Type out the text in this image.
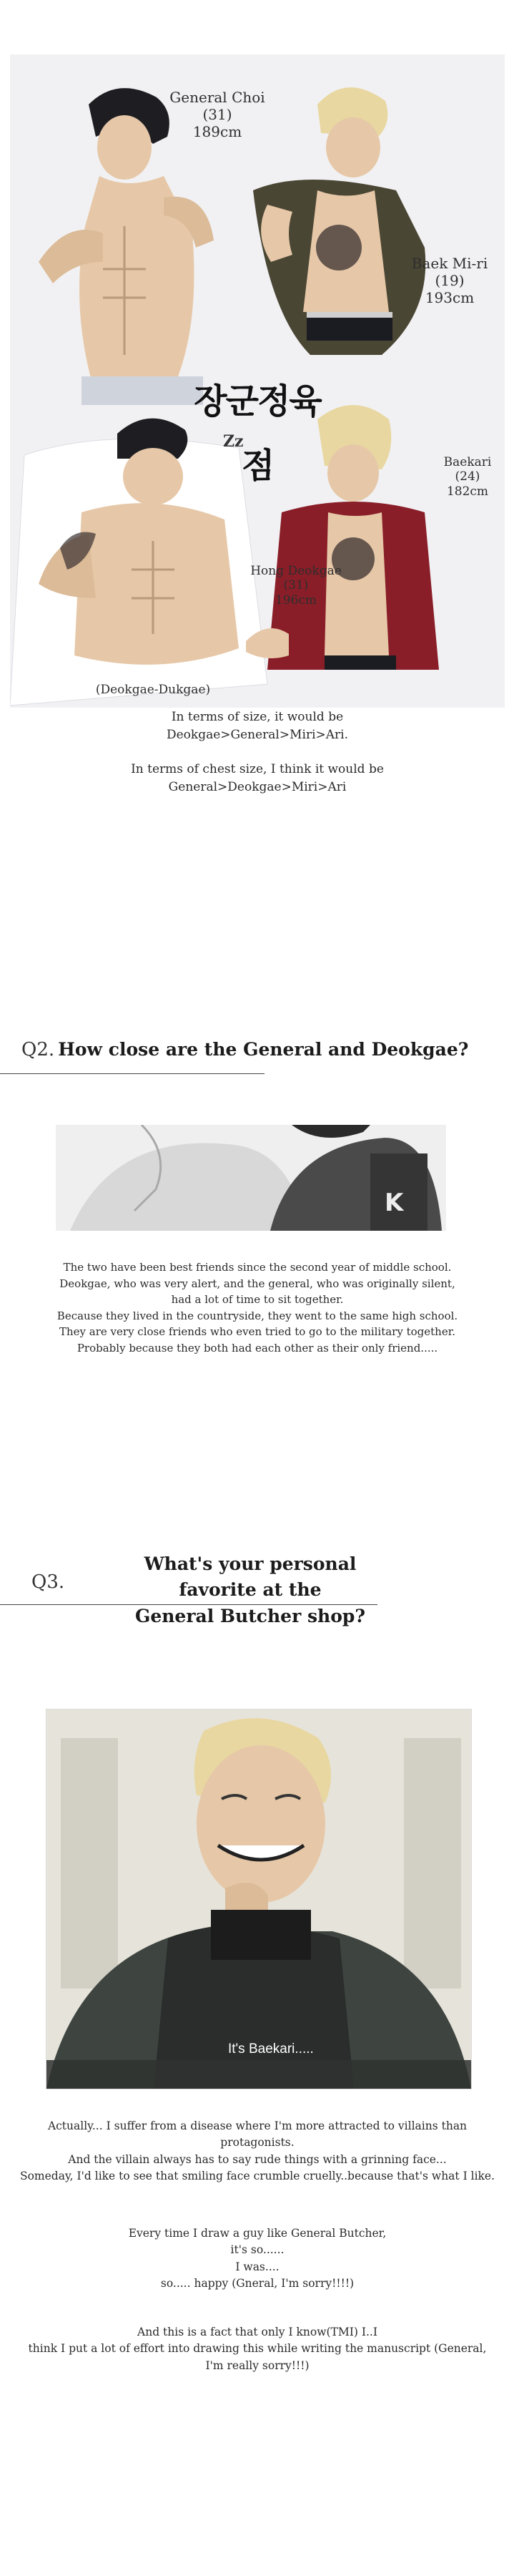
General Choi
(31)
189cm
Baek Mi-ri (19)
193cm
장군정육점	Baekari (24)
182cm
Hong Deokgae (31)
196cm
(Deokgae-Dukgae)
Zz

In terms of size, it would be

Deokgae>General>Miri>Ari.

In terms of chest size, I think it would be

General>Deokgae>Miri>Ari

Q2. How close are the General and Deokgae?
K

The two have been best friends since the second year of middle school.

Deokgae, who was very alert, and the general, who was originally silent,

had a lot of time to sit together.

Because they lived in the countryside, they went to the same high school.

They are very close friends who even tried to go to the military together.

Probably because they both had each other as their only friend.....

Q3.
What's your personal favorite at the
General Butcher shop?
It's Baekari.....

Actually... I suffer from a disease where I'm more attracted to villains than

protagonists.

And the villain always has to say rude things with a grinning face...

Someday, I'd like to see that smiling face crumble cruelly..because that's what I like.

Every time I draw a guy like General Butcher,

it's so......

I was....

so..... happy (Gneral, I'm sorry!!!!)

And this is a fact that only I know(TMI) I..I

think I put a lot of effort into drawing this while writing the manuscript (General,

I'm really sorry!!!)
